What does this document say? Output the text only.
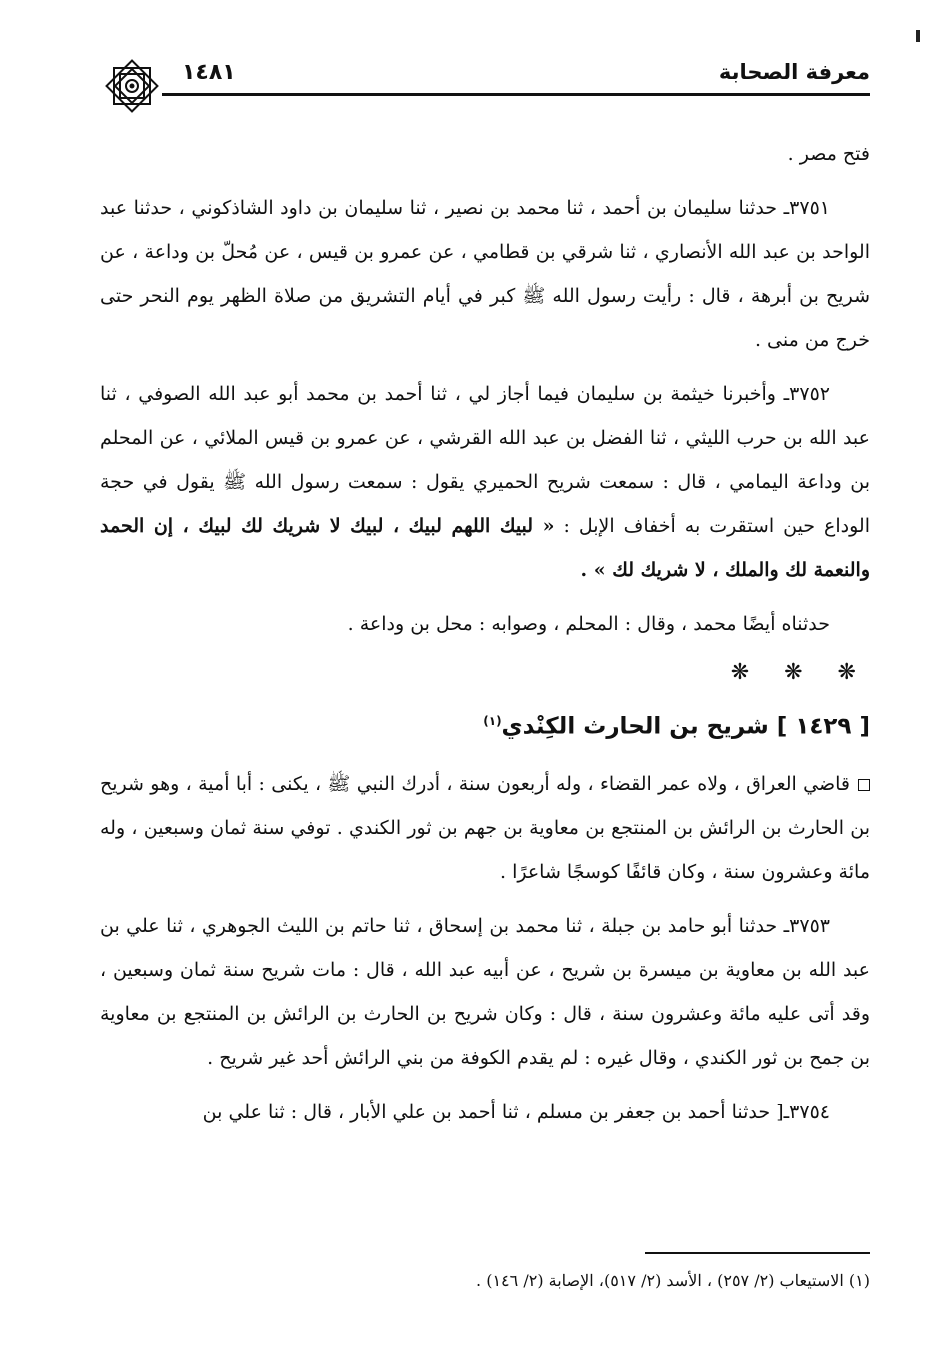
١٤٨١	معرفة الصحابة

فتح مصر .

٣٧٥١ـ حدثنا سليمان بن أحمد ، ثنا محمد بن نصير ، ثنا سليمان بن داود الشاذكوني ، حدثنا عبد الواحد بن عبد الله الأنصاري ، ثنا شرقي بن قطامي ، عن عمرو بن قيس ، عن مُحلّ بن وداعة ، عن شريح بن أبرهة ، قال : رأيت رسول الله ﷺ كبر في أيام التشريق من صلاة الظهر يوم النحر حتى خرج من منى .

٣٧٥٢ـ وأخبرنا خيثمة بن سليمان فيما أجاز لي ، ثنا أحمد بن محمد أبو عبد الله الصوفي ، ثنا عبد الله بن حرب الليثي ، ثنا الفضل بن عبد الله القرشي ، عن عمرو بن قيس الملائي ، عن المحلم بن وداعة اليمامي ، قال : سمعت شريح الحميري يقول : سمعت رسول الله ﷺ يقول في حجة الوداع حين استقرت به أخفاف الإبل : « لبيك اللهم لبيك ، لبيك لا شريك لك لبيك ، إن الحمد والنعمة لك والملك ، لا شريك لك » .

حدثناه أيضًا محمد ، وقال : المحلم ، وصوابه : محل بن وداعة .

❋ ❋ ❋
[ ١٤٢٩ ] شريح بن الحارث الكِنْدي$^{(١)}$

قاضي العراق ، ولاه عمر القضاء ، وله أربعون سنة ، أدرك النبي ﷺ ، يكنى : أبا أمية ، وهو شريح بن الحارث بن الرائش بن المنتجع بن معاوية بن جهم بن ثور الكندي . توفي سنة ثمان وسبعين ، وله مائة وعشرون سنة ، وكان قائفًا كوسجًا شاعرًا .

٣٧٥٣ـ حدثنا أبو حامد بن جبلة ، ثنا محمد بن إسحاق ، ثنا حاتم بن الليث الجوهري ، ثنا علي بن عبد الله بن معاوية بن ميسرة بن شريح ، عن أبيه عبد الله ، قال : مات شريح سنة ثمان وسبعين ، وقد أتى عليه مائة وعشرون سنة ، قال : وكان شريح بن الحارث بن الرائش بن المنتجع بن معاوية بن جمح بن ثور الكندي ، وقال غيره : لم يقدم الكوفة من بني الرائش أحد غير شريح .

٣٧٥٤ـ[ حدثنا أحمد بن جعفر بن مسلم ، ثنا أحمد بن علي الأبار ، قال : ثنا علي بن

(١) الاستيعاب (٢/ ٢٥٧) ، الأسد (٢/ ٥١٧)، الإصابة (٢/ ١٤٦) .
